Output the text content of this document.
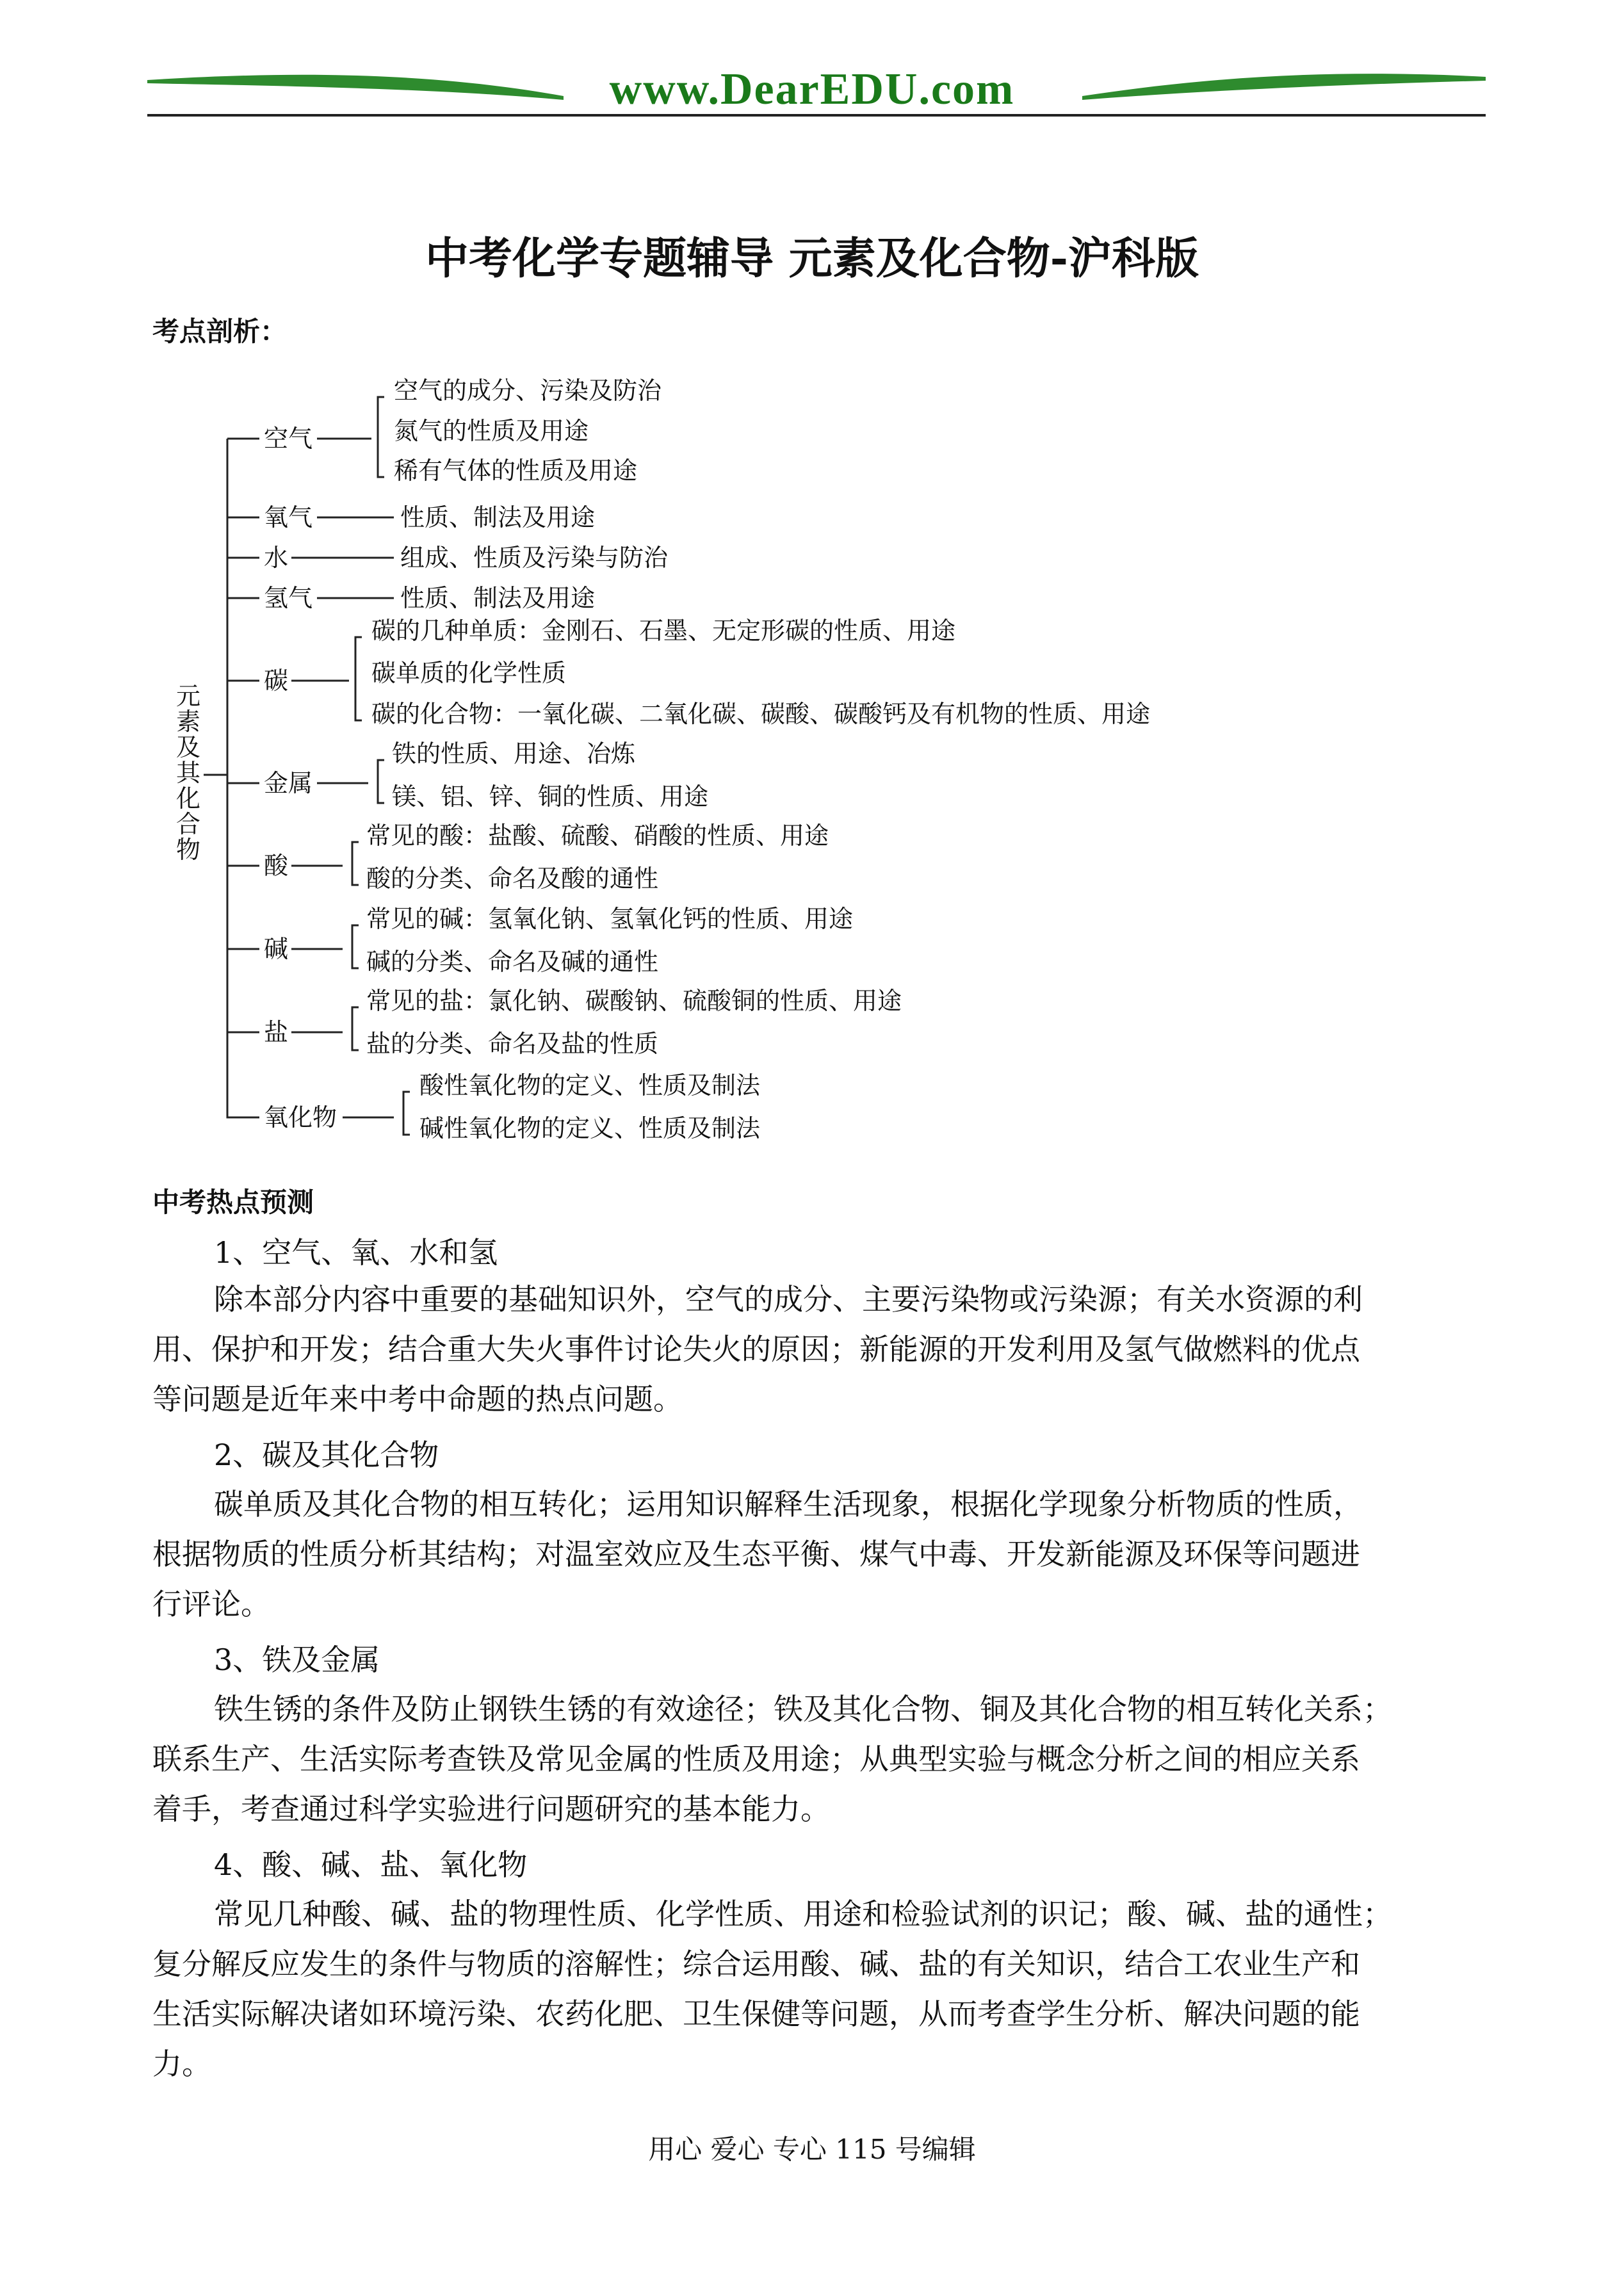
www.DearEDU.com
中考化学专题辅导 元素及化合物-沪科版
考点剖析：
元
素
及
其
化
合
物
空气
空气的成分、污染及防治
氮气的性质及用途
稀有气体的性质及用途
氧气	性质、制法及用途
水	组成、性质及污染与防治
氢气	性质、制法及用途
碳
碳的几种单质：金刚石、石墨、无定形碳的性质、用途
碳单质的化学性质
碳的化合物：一氧化碳、二氧化碳、碳酸、碳酸钙及有机物的性质、用途
金属
铁的性质、用途、冶炼
镁、铝、锌、铜的性质、用途
酸
常见的酸：盐酸、硫酸、硝酸的性质、用途
酸的分类、命名及酸的通性
碱
常见的碱：氢氧化钠、氢氧化钙的性质、用途
碱的分类、命名及碱的通性
盐
常见的盐：氯化钠、碳酸钠、硫酸铜的性质、用途
盐的分类、命名及盐的性质
氧化物
酸性氧化物的定义、性质及制法
碱性氧化物的定义、性质及制法
中考热点预测
1、空气、氧、水和氢
除本部分内容中重要的基础知识外，空气的成分、主要污染物或污染源；有关水资源的利
用、保护和开发；结合重大失火事件讨论失火的原因；新能源的开发利用及氢气做燃料的优点
等问题是近年来中考中命题的热点问题。
2、碳及其化合物
碳单质及其化合物的相互转化；运用知识解释生活现象，根据化学现象分析物质的性质，
根据物质的性质分析其结构；对温室效应及生态平衡、煤气中毒、开发新能源及环保等问题进
行评论。
3、铁及金属
铁生锈的条件及防止钢铁生锈的有效途径；铁及其化合物、铜及其化合物的相互转化关系；
联系生产、生活实际考查铁及常见金属的性质及用途；从典型实验与概念分析之间的相应关系
着手，考查通过科学实验进行问题研究的基本能力。
4、酸、碱、盐、氧化物
常见几种酸、碱、盐的物理性质、化学性质、用途和检验试剂的识记；酸、碱、盐的通性；
复分解反应发生的条件与物质的溶解性；综合运用酸、碱、盐的有关知识，结合工农业生产和
生活实际解决诸如环境污染、农药化肥、卫生保健等问题，从而考查学生分析、解决问题的能
力。
用心 爱心 专心 115 号编辑
